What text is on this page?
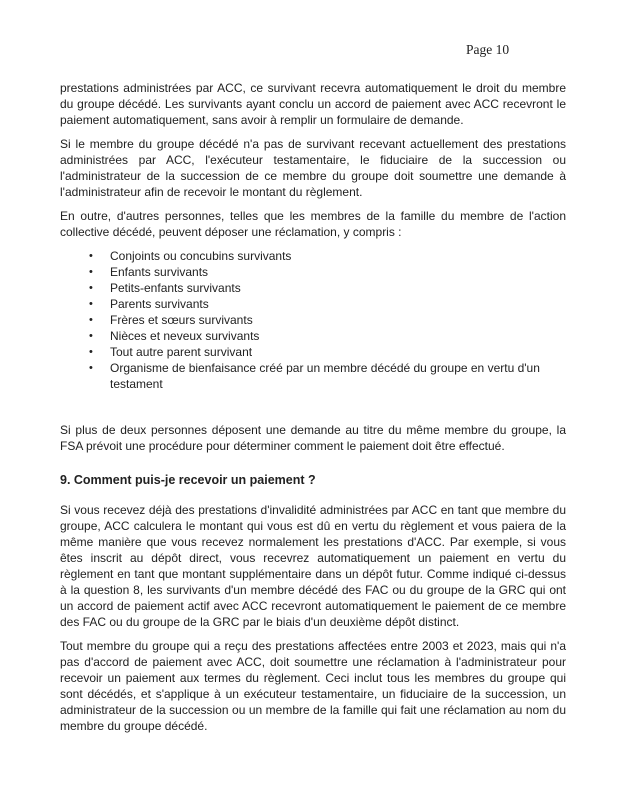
Page 10

prestations administrées par ACC, ce survivant recevra automatiquement le droit du membre du groupe décédé. Les survivants ayant conclu un accord de paiement avec ACC recevront le paiement automatiquement, sans avoir à remplir un formulaire de demande.

Si le membre du groupe décédé n'a pas de survivant recevant actuellement des prestations administrées par ACC, l'exécuteur testamentaire, le fiduciaire de la succession ou l'administrateur de la succession de ce membre du groupe doit soumettre une demande à l'administrateur afin de recevoir le montant du règlement.

En outre, d'autres personnes, telles que les membres de la famille du membre de l'action collective décédé, peuvent déposer une réclamation, y compris :

• Conjoints ou concubins survivants
• Enfants survivants
• Petits-enfants survivants
• Parents survivants
• Frères et sœurs survivants
• Nièces et neveux survivants
• Tout autre parent survivant
• Organisme de bienfaisance créé par un membre décédé du groupe en vertu d'un testament

Si plus de deux personnes déposent une demande au titre du même membre du groupe, la FSA prévoit une procédure pour déterminer comment le paiement doit être effectué.

9. Comment puis-je recevoir un paiement ?

Si vous recevez déjà des prestations d'invalidité administrées par ACC en tant que membre du groupe, ACC calculera le montant qui vous est dû en vertu du règlement et vous paiera de la même manière que vous recevez normalement les prestations d'ACC. Par exemple, si vous êtes inscrit au dépôt direct, vous recevrez automatiquement un paiement en vertu du règlement en tant que montant supplémentaire dans un dépôt futur. Comme indiqué ci-dessus à la question 8, les survivants d'un membre décédé des FAC ou du groupe de la GRC qui ont un accord de paiement actif avec ACC recevront automatiquement le paiement de ce membre des FAC ou du groupe de la GRC par le biais d'un deuxième dépôt distinct.

Tout membre du groupe qui a reçu des prestations affectées entre 2003 et 2023, mais qui n'a pas d'accord de paiement avec ACC, doit soumettre une réclamation à l'administrateur pour recevoir un paiement aux termes du règlement. Ceci inclut tous les membres du groupe qui sont décédés, et s'applique à un exécuteur testamentaire, un fiduciaire de la succession, un administrateur de la succession ou un membre de la famille qui fait une réclamation au nom du membre du groupe décédé.
